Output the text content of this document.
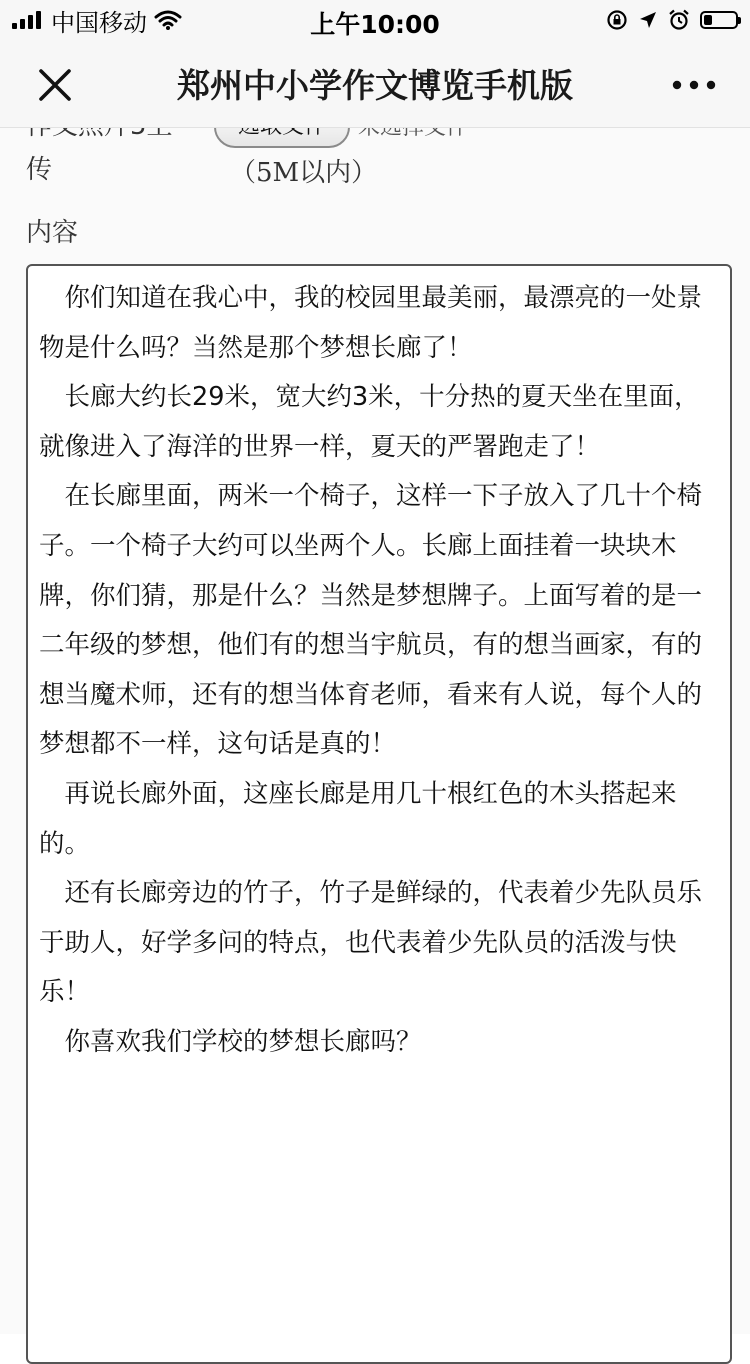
中国移动	上午10:00
郑州中小学作文博览手机版
传	（5M以内）
内容

你们知道在我心中，我的校园里最美丽，最漂亮的一处景物是什么吗？当然是那个梦想长廊了！

长廊大约长29米，宽大约3米，十分热的夏天坐在里面，就像进入了海洋的世界一样，夏天的严署跑走了！

在长廊里面，两米一个椅子，这样一下子放入了几十个椅子。一个椅子大约可以坐两个人。长廊上面挂着一块块木牌，你们猜，那是什么？当然是梦想牌子。上面写着的是一二年级的梦想，他们有的想当宇航员，有的想当画家，有的想当魔术师，还有的想当体育老师，看来有人说，每个人的梦想都不一样，这句话是真的！

再说长廊外面，这座长廊是用几十根红色的木头搭起来的。

还有长廊旁边的竹子，竹子是鲜绿的，代表着少先队员乐于助人，好学多问的特点，也代表着少先队员的活泼与快乐！

你喜欢我们学校的梦想长廊吗？
